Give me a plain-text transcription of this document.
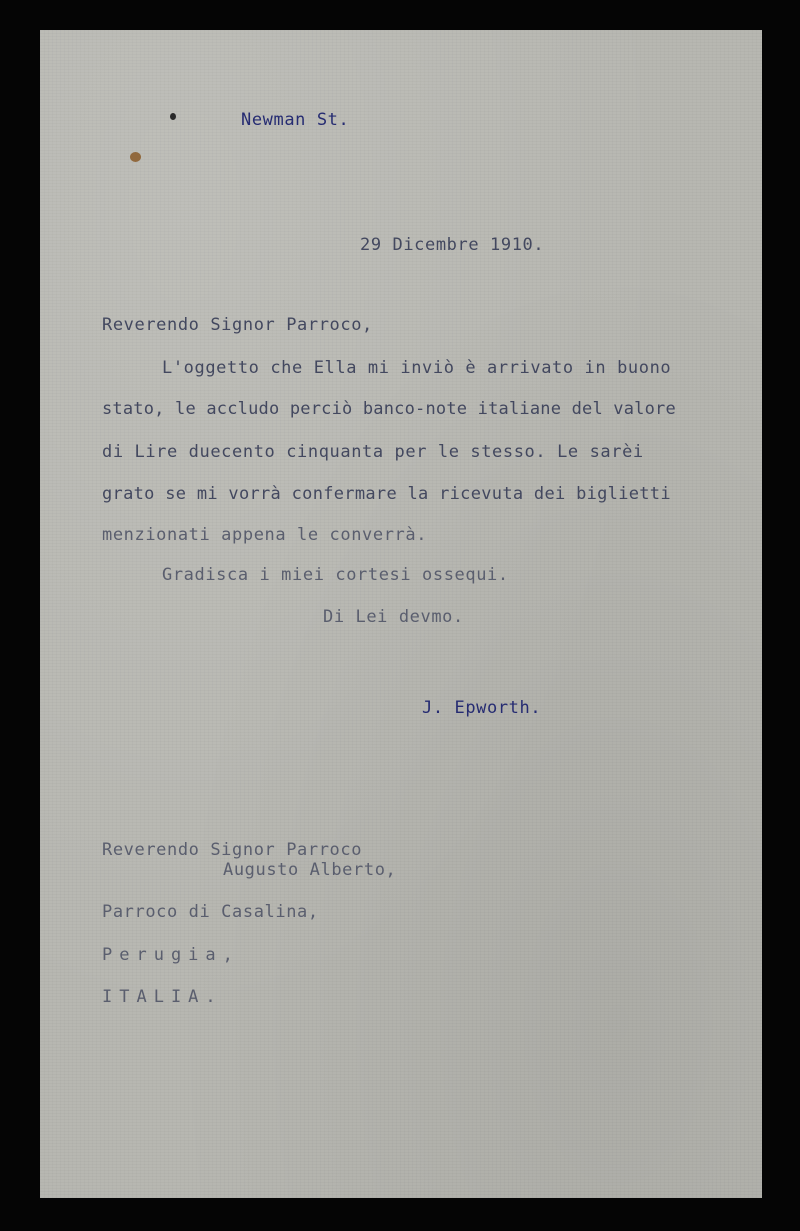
Newman St.
29 Dicembre 1910.
Reverendo Signor Parroco,
L'oggetto che Ella mi inviò è arrivato in buono
stato, le accludo perciò banco-note italiane del valore
di Lire duecento cinquanta per le stesso. Le sarèi
grato se mi vorrà confermare la ricevuta dei biglietti
menzionati appena le converrà.
Gradisca i miei cortesi ossequi.
Di Lei devmo.
J. Epworth.
Reverendo Signor Parroco
Augusto Alberto,
Parroco di Casalina,
Perugia,
ITALIA.
